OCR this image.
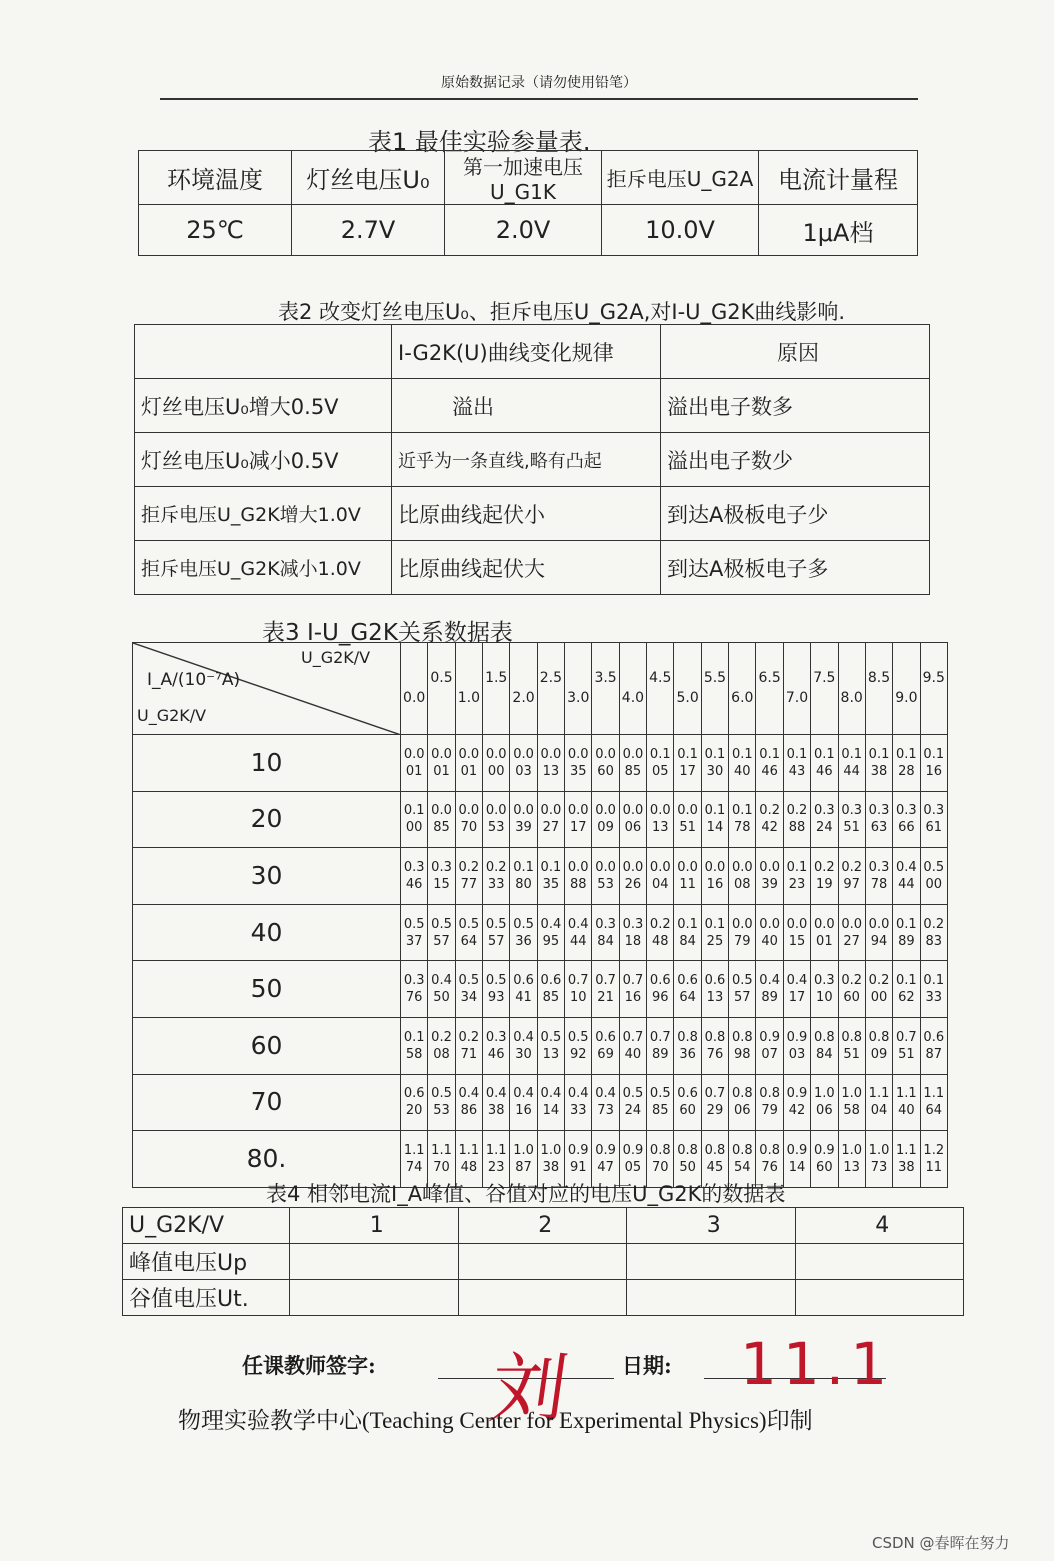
原始数据记录（请勿使用铅笔）
表1 最佳实验参量表.
环境温度	灯丝电压U₀	第一加速电压U_G1K	拒斥电压U_G2A	电流计量程
25℃	2.7V	2.0V	10.0V	1μA档
表2 改变灯丝电压U₀、拒斥电压U_G2A,对I-U_G2K曲线影响.
	I-G2K(U)曲线变化规律	原因
灯丝电压U₀增大0.5V	溢出	溢出电子数多
灯丝电压U₀减小0.5V	近乎为一条直线,略有凸起	溢出电子数少
拒斥电压U_G2K增大1.0V	比原曲线起伏小	到达A极板电子少
拒斥电压U_G2K减小1.0V	比原曲线起伏大	到达A极板电子多
表3 I-U_G2K关系数据表
U_G2K/V
I_A/(10⁻⁷A)
U_G2K/V	0.0	0.5	1.0	1.5	2.0	2.5	3.0	3.5	4.0	4.5	5.0	5.5	6.0	6.5	7.0	7.5	8.0	8.5	9.0	9.5
10	0.001	0.001	0.001	0.000	0.003	0.013	0.035	0.060	0.085	0.105	0.117	0.130	0.140	0.146	0.143	0.146	0.144	0.138	0.128	0.116
20	0.100	0.085	0.070	0.053	0.039	0.027	0.017	0.009	0.006	0.013	0.051	0.114	0.178	0.242	0.288	0.324	0.351	0.363	0.366	0.361
30	0.346	0.315	0.277	0.233	0.180	0.135	0.088	0.053	0.026	0.004	0.011	0.016	0.008	0.039	0.123	0.219	0.297	0.378	0.444	0.500
40	0.537	0.557	0.564	0.557	0.536	0.495	0.444	0.384	0.318	0.248	0.184	0.125	0.079	0.040	0.015	0.001	0.027	0.094	0.189	0.283
50	0.376	0.450	0.534	0.593	0.641	0.685	0.710	0.721	0.716	0.696	0.664	0.613	0.557	0.489	0.417	0.310	0.260	0.200	0.162	0.133
60	0.158	0.208	0.271	0.346	0.430	0.513	0.592	0.669	0.740	0.789	0.836	0.876	0.898	0.907	0.903	0.884	0.851	0.809	0.751	0.687
70	0.620	0.553	0.486	0.438	0.416	0.414	0.433	0.473	0.524	0.585	0.660	0.729	0.806	0.879	0.942	1.006	1.058	1.104	1.140	1.164
80.	1.174	1.170	1.148	1.123	1.087	1.038	0.991	0.947	0.905	0.870	0.850	0.845	0.854	0.876	0.914	0.960	1.013	1.073	1.138	1.211
表4 相邻电流I_A峰值、谷值对应的电压U_G2K的数据表
U_G2K/V	1	2	3	4
峰值电压Up				
谷值电压Ut.				
任课教师签字:	日期:
刘	11.1
物理实验教学中心(Teaching Center for Experimental Physics)印制
CSDN @春晖在努力
